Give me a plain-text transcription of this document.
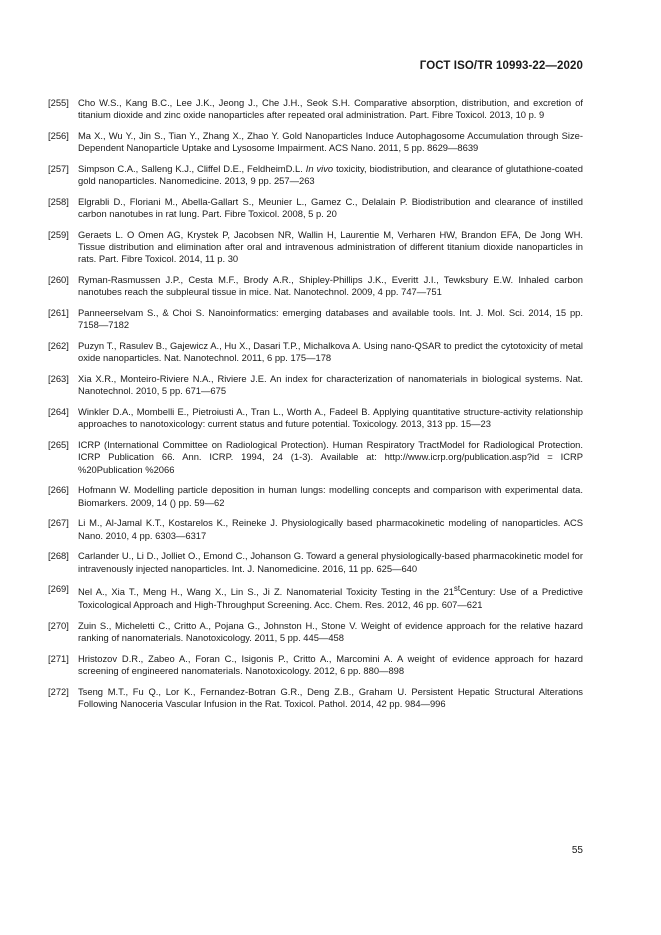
ГОСТ ISO/TR 10993-22—2020
[255] Cho W.S., Kang B.C., Lee J.K., Jeong J., Che J.H., Seok S.H. Comparative absorption, distribution, and excretion of titanium dioxide and zinc oxide nanoparticles after repeated oral administration. Part. Fibre Toxicol. 2013, 10 p. 9
[256] Ma X., Wu Y., Jin S., Tian Y., Zhang X., Zhao Y. Gold Nanoparticles Induce Autophagosome Accumulation through Size-Dependent Nanoparticle Uptake and Lysosome Impairment. ACS Nano. 2011, 5 pp. 8629—8639
[257] Simpson C.A., Salleng K.J., Cliffel D.E., FeldheimD.L. In vivo toxicity, biodistribution, and clearance of glutathione-coated gold nanoparticles. Nanomedicine. 2013, 9 pp. 257—263
[258] Elgrabli D., Floriani M., Abella-Gallart S., Meunier L., Gamez C., Delalain P. Biodistribution and clearance of instilled carbon nanotubes in rat lung. Part. Fibre Toxicol. 2008, 5 p. 20
[259] Geraets L. O Omen AG, Krystek P, Jacobsen NR, Wallin H, Laurentie M, Verharen HW, Brandon EFA, De Jong WH. Tissue distribution and elimination after oral and intravenous administration of different titanium dioxide nanoparticles in rats. Part. Fibre Toxicol. 2014, 11 p. 30
[260] Ryman-Rasmussen J.P., Cesta M.F., Brody A.R., Shipley-Phillips J.K., Everitt J.I., Tewksbury E.W. Inhaled carbon nanotubes reach the subpleural tissue in mice. Nat. Nanotechnol. 2009, 4 pp. 747—751
[261] Panneerselvam S., & Choi S. Nanoinformatics: emerging databases and available tools. Int. J. Mol. Sci. 2014, 15 pp. 7158—7182
[262] Puzyn T., Rasulev B., Gajewicz A., Hu X., Dasari T.P., Michalkova A. Using nano-QSAR to predict the cytotoxicity of metal oxide nanoparticles. Nat. Nanotechnol. 2011, 6 pp. 175—178
[263] Xia X.R., Monteiro-Riviere N.A., Riviere J.E. An index for characterization of nanomaterials in biological systems. Nat. Nanotechnol. 2010, 5 pp. 671—675
[264] Winkler D.A., Mombelli E., Pietroiusti A., Tran L., Worth A., Fadeel B. Applying quantitative structure-activity relationship approaches to nanotoxicology: current status and future potential. Toxicology. 2013, 313 pp. 15—23
[265] ICRP (International Committee on Radiological Protection). Human Respiratory TractModel for Radiological Protection. ICRP Publication 66. Ann. ICRP. 1994, 24 (1-3). Available at: http://www.icrp.org/publication.asp?id = ICRP %20Publication %2066
[266] Hofmann W. Modelling particle deposition in human lungs: modelling concepts and comparison with experimental data. Biomarkers. 2009, 14 () pp. 59—62
[267] Li M., Al-Jamal K.T., Kostarelos K., Reineke J. Physiologically based pharmacokinetic modeling of nanoparticles. ACS Nano. 2010, 4 pp. 6303—6317
[268] Carlander U., Li D., Jolliet O., Emond C., Johanson G. Toward a general physiologically-based pharmacokinetic model for intravenously injected nanoparticles. Int. J. Nanomedicine. 2016, 11 pp. 625—640
[269] Nel A., Xia T., Meng H., Wang X., Lin S., Ji Z. Nanomaterial Toxicity Testing in the 21stCentury: Use of a Predictive Toxicological Approach and High-Throughput Screening. Acc. Chem. Res. 2012, 46 pp. 607—621
[270] Zuin S., Micheletti C., Critto A., Pojana G., Johnston H., Stone V. Weight of evidence approach for the relative hazard ranking of nanomaterials. Nanotoxicology. 2011, 5 pp. 445—458
[271] Hristozov D.R., Zabeo A., Foran C., Isigonis P., Critto A., Marcomini A. A weight of evidence approach for hazard screening of engineered nanomaterials. Nanotoxicology. 2012, 6 pp. 880—898
[272] Tseng M.T., Fu Q., Lor K., Fernandez-Botran G.R., Deng Z.B., Graham U. Persistent Hepatic Structural Alterations Following Nanoceria Vascular Infusion in the Rat. Toxicol. Pathol. 2014, 42 pp. 984—996
55
